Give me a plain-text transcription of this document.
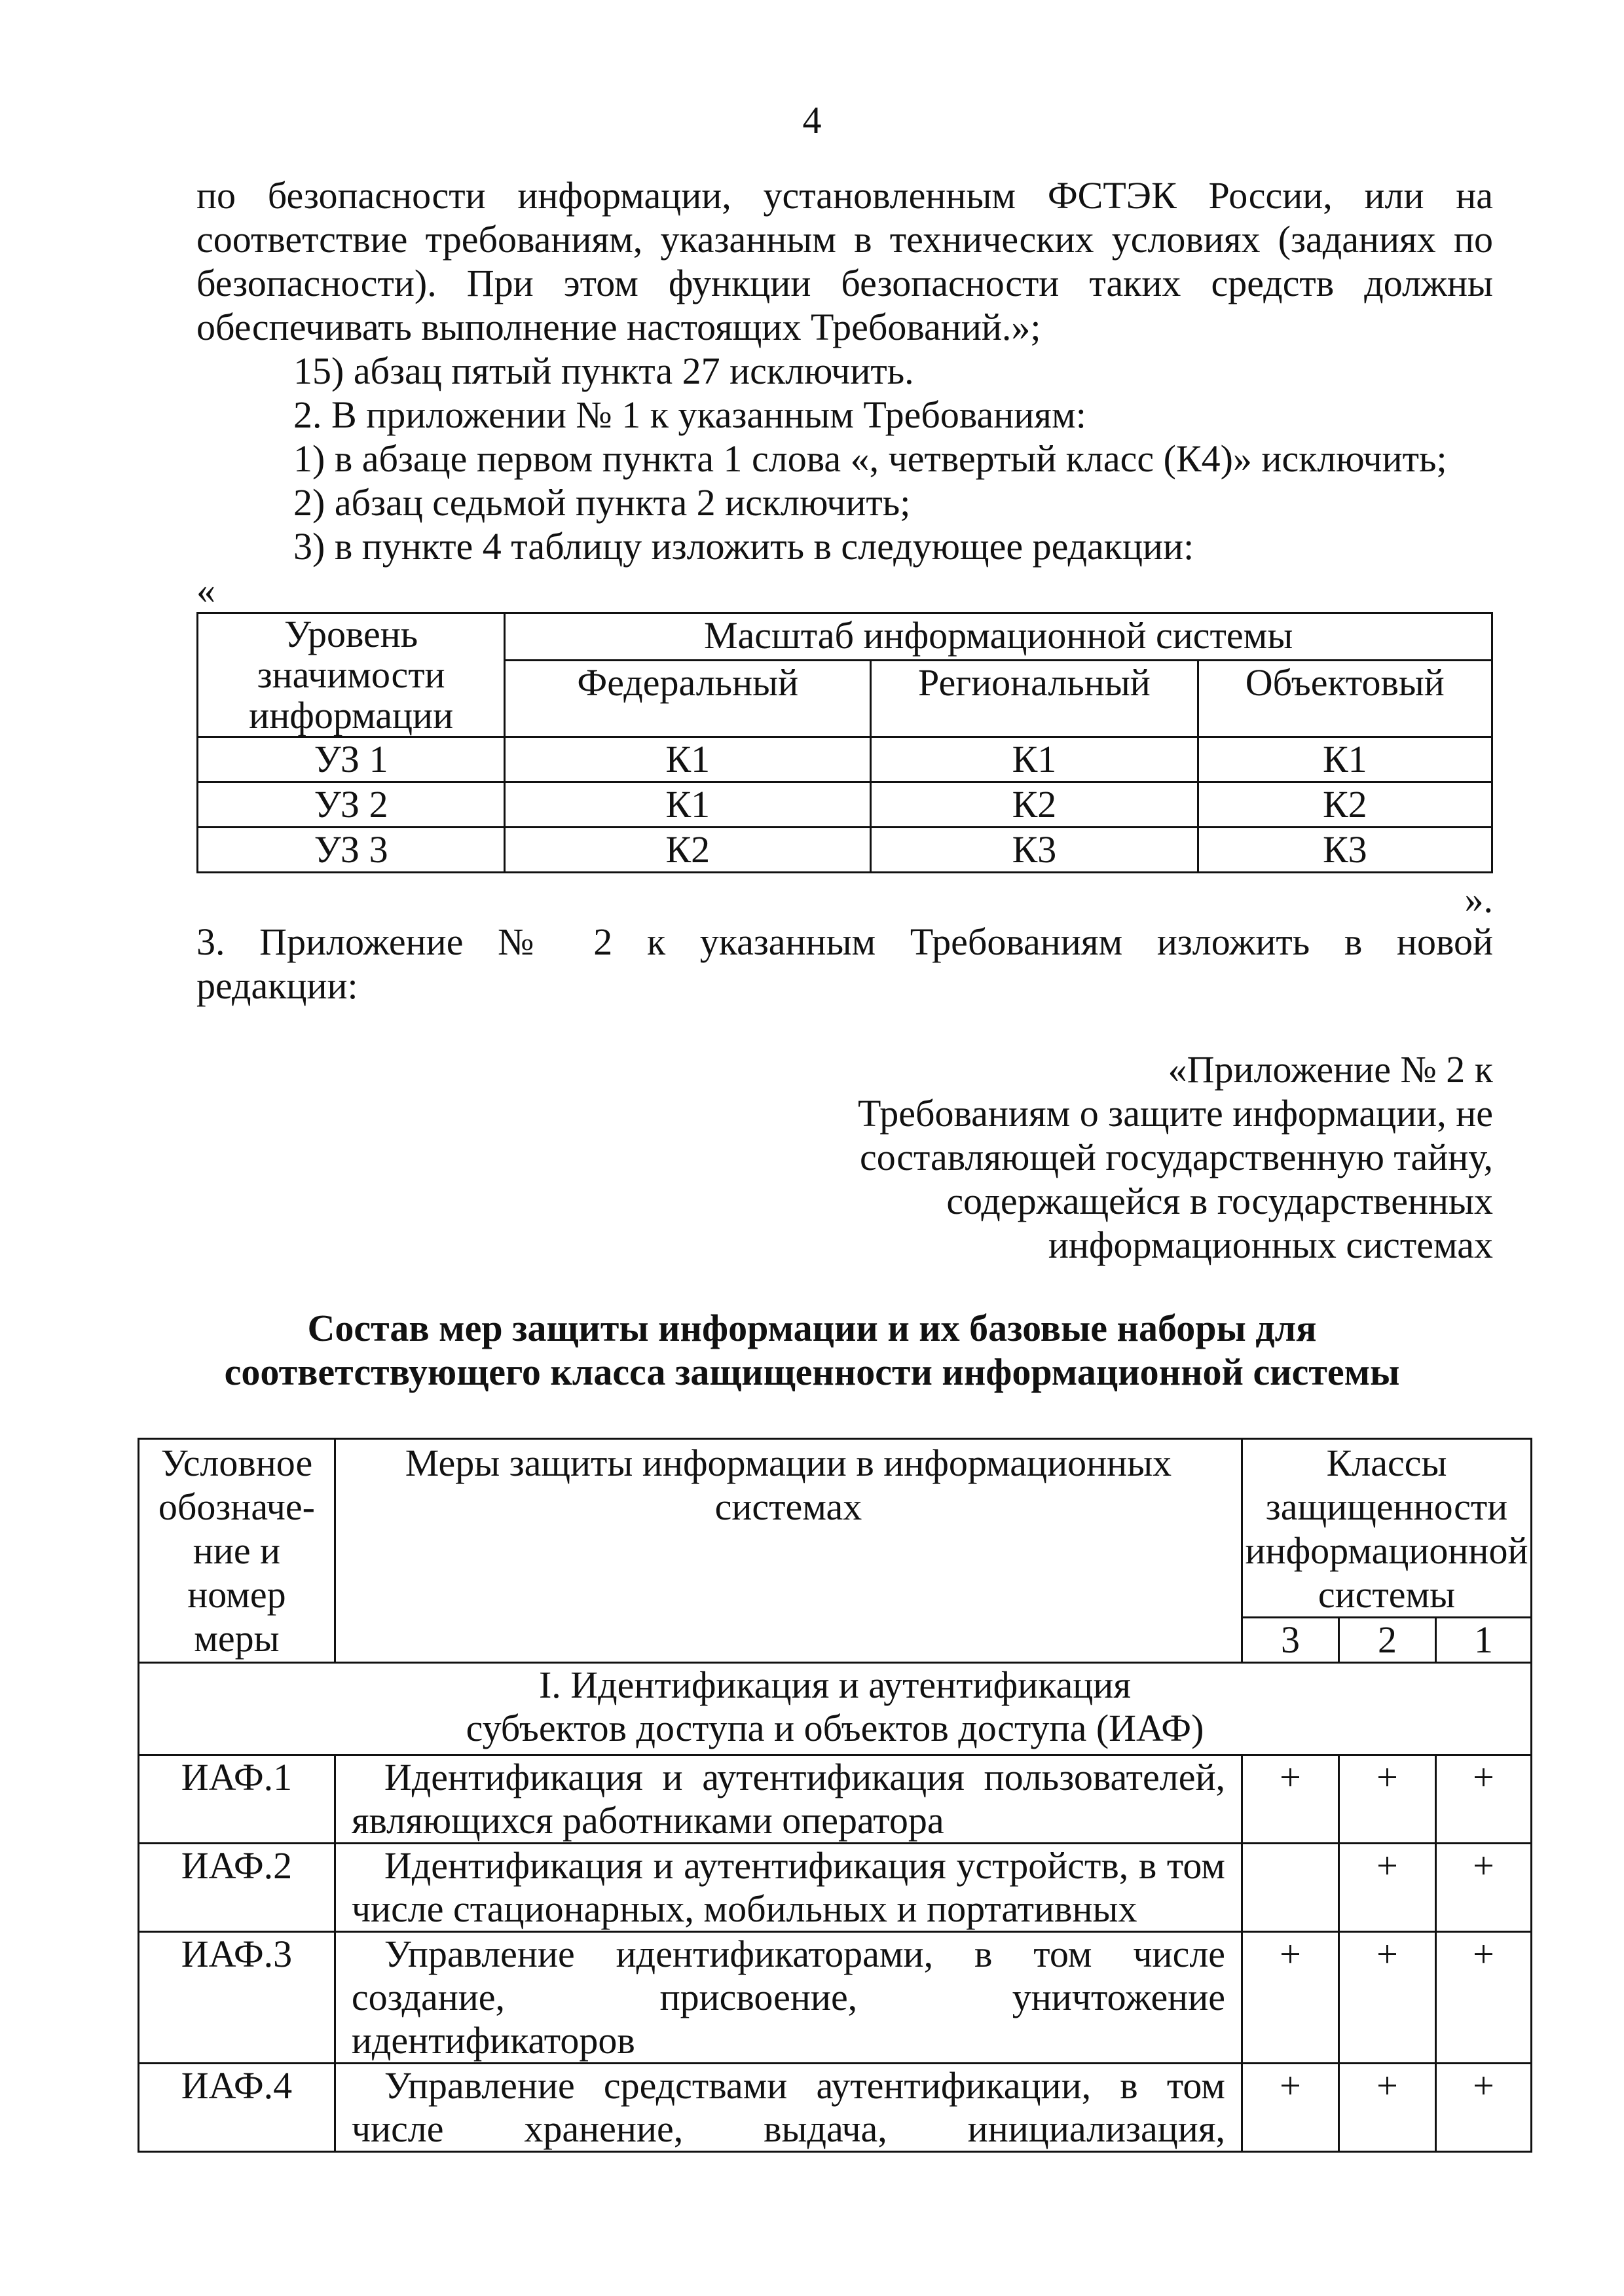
4
по безопасности информации, установленным ФСТЭК России, или на
соответствие требованиям, указанным в технических условиях (заданиях по
безопасности). При этом функции безопасности таких средств должны
обеспечивать выполнение настоящих Требований.»;
15) абзац пятый пункта 27 исключить.
2. В приложении № 1 к указанным Требованиям:
1) в абзаце первом пункта 1 слова «, четвертый класс (К4)» исключить;
2) абзац седьмой пункта 2 исключить;
3) в пункте 4 таблицу изложить в следующее редакции:
«
Уровень значимости информации	Масштаб информационной системы		
	Федеральный	Региональный	Объектовый
УЗ 1	К1	К1	К1
УЗ 2	К1	К2	К2
УЗ 3	К2	К3	К3
».
3. Приложение № 2 к указанным Требованиям изложить в новой
редакции:
«Приложение № 2 к
Требованиям о защите информации, не
составляющей государственную тайну,
содержащейся в государственных
информационных системах
Состав мер защиты информации и их базовые наборы для
соответствующего класса защищенности информационной системы
Условное обозначе-ние и номер меры	Меры защиты информации в информационных системах	Классы защищенности информационной системы		
		3	2	1

I. Идентификация и аутентификация
субъектов доступа и объектов доступа (ИАФ)				

ИАФ.1	Идентификация и аутентификация пользователей,
являющихся работниками оператора	+	+	+
ИАФ.2	Идентификация и аутентификация устройств, в том
числе стационарных, мобильных и портативных		+	+
ИАФ.3	Управление идентификаторами, в том числе
создание, присвоение, уничтожение идентификаторов	+	+	+
ИАФ.4	Управление средствами аутентификации, в том
числе хранение, выдача, инициализация,	+	+	+
